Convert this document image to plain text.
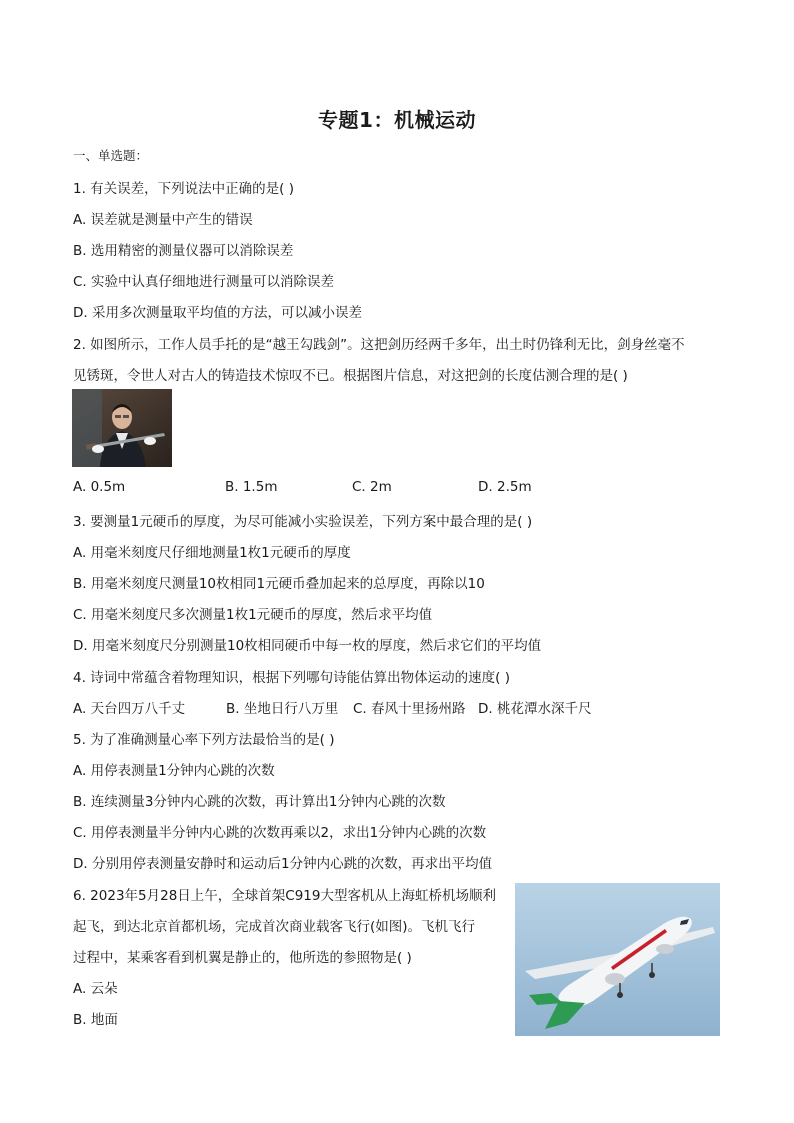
专题1：机械运动
一、单选题：
1. 有关误差，下列说法中正确的是( )
A. 误差就是测量中产生的错误
B. 选用精密的测量仪器可以消除误差
C. 实验中认真仔细地进行测量可以消除误差
D. 采用多次测量取平均值的方法，可以减小误差
2. 如图所示，工作人员手托的是“越王勾践剑”。这把剑历经两千多年，出土时仍锋利无比，剑身丝毫不
见锈斑，令世人对古人的铸造技术惊叹不已。根据图片信息，对这把剑的长度估测合理的是( )
A. 0.5m	B. 1.5m	C. 2m	D. 2.5m
3. 要测量1元硬币的厚度，为尽可能减小实验误差，下列方案中最合理的是( )
A. 用毫米刻度尺仔细地测量1枚1元硬币的厚度
B. 用毫米刻度尺测量10枚相同1元硬币叠加起来的总厚度，再除以10
C. 用毫米刻度尺多次测量1枚1元硬币的厚度，然后求平均值
D. 用毫米刻度尺分别测量10枚相同硬币中每一枚的厚度，然后求它们的平均值
4. 诗词中常蕴含着物理知识，根据下列哪句诗能估算出物体运动的速度( )
A. 天台四万八千丈	B. 坐地日行八万里 C. 春风十里扬州路 D. 桃花潭水深千尺
5. 为了准确测量心率下列方法最恰当的是( )
A. 用停表测量1分钟内心跳的次数
B. 连续测量3分钟内心跳的次数，再计算出1分钟内心跳的次数
C. 用停表测量半分钟内心跳的次数再乘以2，求出1分钟内心跳的次数
D. 分别用停表测量安静时和运动后1分钟内心跳的次数，再求出平均值
6. 2023年5月28日上午，全球首架C919大型客机从上海虹桥机场顺利
起飞，到达北京首都机场，完成首次商业载客飞行(如图)。飞机飞行
过程中，某乘客看到机翼是静止的，他所选的参照物是( )
A. 云朵
B. 地面
